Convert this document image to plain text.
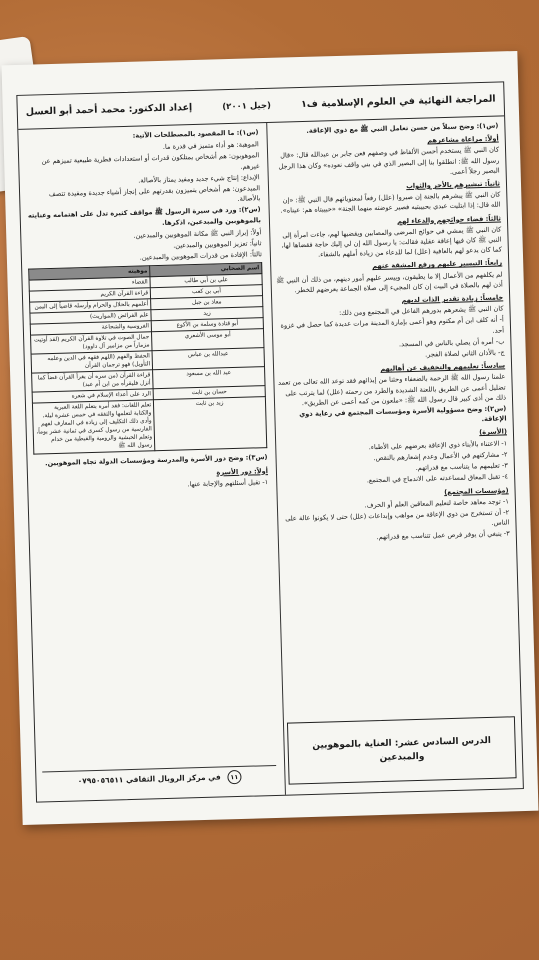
المراجعة النهائية في العلوم الإسلامية ف١
(جيل ٢٠٠١)
إعداد الدكتور: محمد أحمد أبو العسل

(س١): وضح سبلاً من حسن تعامل النبي ﷺ مع ذوي الإعاقة.

أولاً: مراعاة مشاعرهم

كان النبي ﷺ يستخدم أحسن الألفاظ في وصفهم فعن جابر بن عبدالله قال: «قال رسول الله ﷺ: انطلقوا بنا إلى البصير الذي في بني واقف نعوده» وكان هذا الرجل البصير رجلاً أعمى.

ثانياً: تبشيرهم بالأجر والثواب

كان النبي ﷺ يبشرهم بالجنة إن صبروا (علل) رفعاً لمعنوياتهم قال النبي ﷺ: «إن الله قال: إذا ابتليت عبدي بحبيبتيه فصبر عوضته منهما الجنة» «حبيبتاه هم: عيناه».

ثالثاً: قضاء حوائجهم والدعاء لهم

كان النبي ﷺ يمشي في حوائج المرضى والمصابين ويقضيها لهم، جاءت امرأة إلى النبي ﷺ كان فيها إعاقة عقلية فقالت: يا رسول الله إن لي إليك حاجة فقضاها لها، كما كان يدعو لهم بالعافية (علل) لما للدعاء من زيادة أملهم بالشفاء.

رابعاً: التيسير عليهم ورفع المشقة عنهم

لم يكلفهم من الأعمال إلا ما يطيقون، وييسر عليهم أمور دينهم، من ذلك أن النبي ﷺ أذن لهم بالصلاة في البيت إن كان المجيء إلى صلاة الجماعة يعرضهم للخطر.

خامساً: زيادة تقدير الذات لديهم

كان النبي ﷺ يشعرهم بدورهم الفاعل في المجتمع ومن ذلك:

أ- أنه كلف ابن أم مكتوم وهو أعمى بإمارة المدينة مرات عديدة كما حصل في غزوة أحد.

ب- أمره أن يصلي بالناس في المسجد.

ج- بالأذان الثاني لصلاة الفجر.

سادساً: تعليمهم والتخفيف عن أهاليهم

علمنا رسول الله ﷺ الرحمة بالضعفاء وحثنا من إيذائهم فقد توعد الله تعالى من تعمد تضليل أعمى عن الطريق باللعنة الشديدة والطرد من رحمته (علل) لما يترتب على ذلك من أذى كبير قال رسول الله ﷺ: «ملعون من كمه أعمى عن الطريق».

(س٢): وضح مسؤولية الأسرة ومؤسسات المجتمع في رعاية ذوي الإعاقة.

(الأسرة)

١- الاعتناء بالأبناء ذوي الإعاقة بعرضهم على الأطباء.

٢- مشاركتهم في الأعمال وعدم إشعارهم بالنقص.

٣- تعليمهم ما يتناسب مع قدراتهم.

٤- تقبل المعاق لمساعدته على الاندماج في المجتمع.

(مؤسسات المجتمع)

١- توجد معاهد خاصة لتعليم المعاقين العلم أو الحرف.

٢- أن تستخرج من ذوي الإعاقة من مواهب وإبداعات (علل) حتى لا يكونوا عالة على الناس.

٣- ينبغي أن يوفر فرص عمل تتناسب مع قدراتهم.

الدرس السادس عشر: العناية بالموهوبين والمبدعين

(س١): ما المقصود بالمصطلحات الآتية:

الموهبة: هو أداء متميز في قدرة ما.

الموهوبون: هم أشخاص يمتلكون قدرات أو استعدادات فطرية طبيعية تميزهم عن غيرهم.

الإبداع: إنتاج شيء جديد ومفيد يمتاز بالأصالة.

المبدعون: هم أشخاص يتميزون بقدرتهم على إنجاز أشياء جديدة ومفيدة تتصف بالأصالة.

(س٢): ورد في سيرة الرسول ﷺ مواقف كثيرة تدل على اهتمامه وعنايته بالموهوبين والمبدعين، اذكرها.

أولاً: إبراز النبي ﷺ مكانة الموهوبين والمبدعين.

ثانياً: تعزيز الموهوبين والمبدعين.

ثالثاً: الإفادة من قدرات الموهوبين والمبدعين.

اسم الصحابي	موهبته
علي بن أبي طالب	القضاء
أبي بن كعب	قراءة القرآن الكريم
معاذ بن جبل	أعلمهم بالحلال والحرام وأرسله قاضياً إلى اليمن
زيد	علم الفرائض (المواريث)
أبو قتادة وسلمة بن الأكوع	الفروسية والشجاعة
أبو موسى الأشعري	جمال الصوت في تلاوة القرآن الكريم (لقد أوتيت مزماراً من مزامير آل داوود)
عبدالله بن عباس	الحفظ والفهم (اللهم فقهه في الدين وعلمه التأويل) فهو ترجمان القرآن
عبد الله بن مسعود	قراءة القرآن (من سره أن يقرأ القرآن غضاً كما أنزل فليقرأه من ابن أم عبد)
حسان بن ثابت	الرد على أعداء الإسلام في شعره
زيد بن ثابت	تعلم اللغات: فقد أمره بتعلم اللغة العبرية والكتابة لتعلمها والتفقه في خمس عشرة ليلة، وأدى ذلك التكليف إلى زيادة في المعارف لفهم الفارسية من رسول كسرى في ثمانية عشر يوماً، وتعلم الحبشية والرومية والقبطية من خدام رسول الله ﷺ

(س٣): وضح دور الأسرة والمدرسة ومؤسسات الدولة تجاه الموهوبين.

أولاً: دور الأسرة

١- تقبل أسئلتهم والإجابة عنها.

١١ في مركز الرويال الثقافي ٠٧٩٥٠٥٦٥١١
